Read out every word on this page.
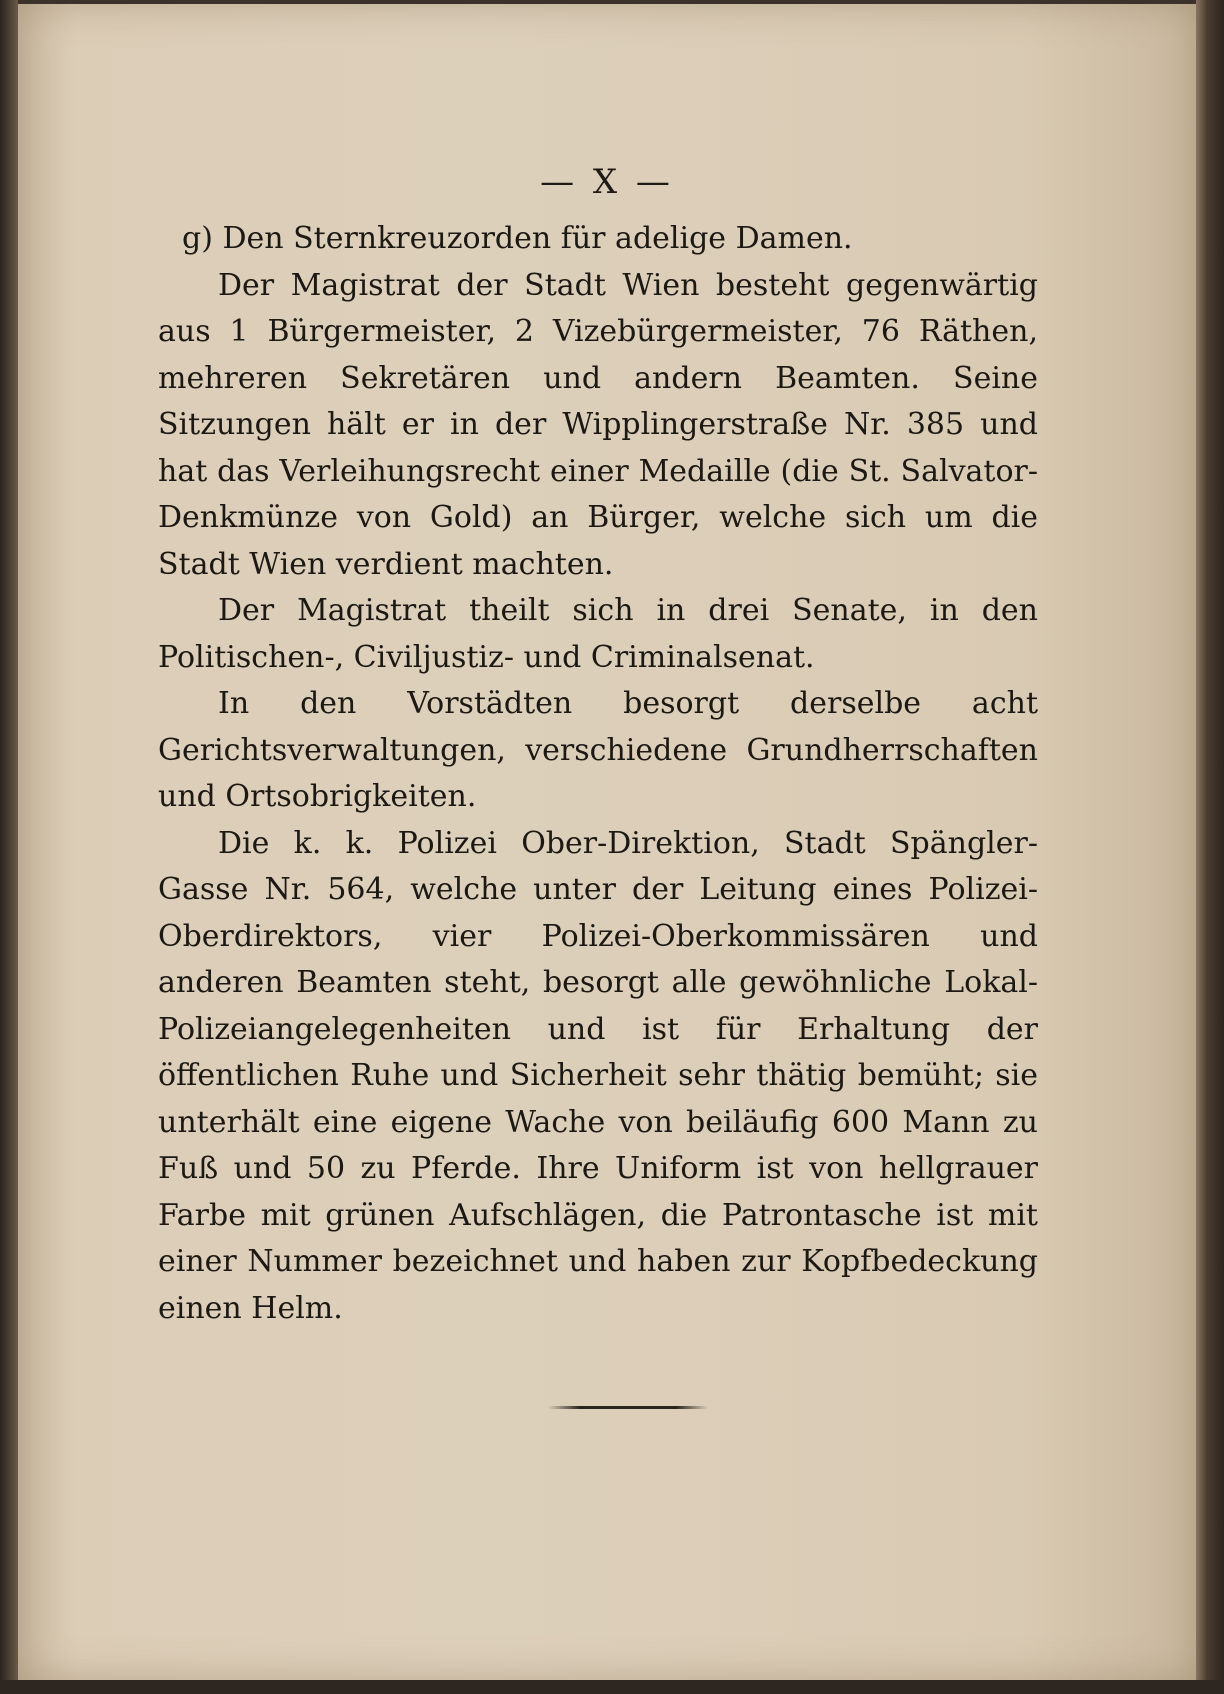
— X —

g) Den Sternkreuzorden für adelige Damen.

Der Magistrat der Stadt Wien besteht gegenwärtig aus 1 Bürgermeister, 2 Vizebürgermeister, 76 Räthen, mehreren Sekretären und andern Beamten. Seine Sitzungen hält er in der Wipplingerstraße Nr. 385 und hat das Verleihungsrecht einer Medaille (die St. Salvator-Denkmünze von Gold) an Bürger, welche sich um die Stadt Wien verdient machten.

Der Magistrat theilt sich in drei Senate, in den Politischen-, Civiljustiz- und Criminalsenat.

In den Vorstädten besorgt derselbe acht Gerichtsverwaltungen, verschiedene Grundherrschaften und Ortsobrigkeiten.

Die k. k. Polizei Ober-Direktion, Stadt Spängler-Gasse Nr. 564, welche unter der Leitung eines Polizei-Oberdirektors, vier Polizei-Oberkommissären und anderen Beamten steht, besorgt alle gewöhnliche Lokal-Polizeiangelegenheiten und ist für Erhaltung der öffentlichen Ruhe und Sicherheit sehr thätig bemüht; sie unterhält eine eigene Wache von beiläufig 600 Mann zu Fuß und 50 zu Pferde. Ihre Uniform ist von hellgrauer Farbe mit grünen Aufschlägen, die Patrontasche ist mit einer Nummer bezeichnet und haben zur Kopfbedeckung einen Helm.
